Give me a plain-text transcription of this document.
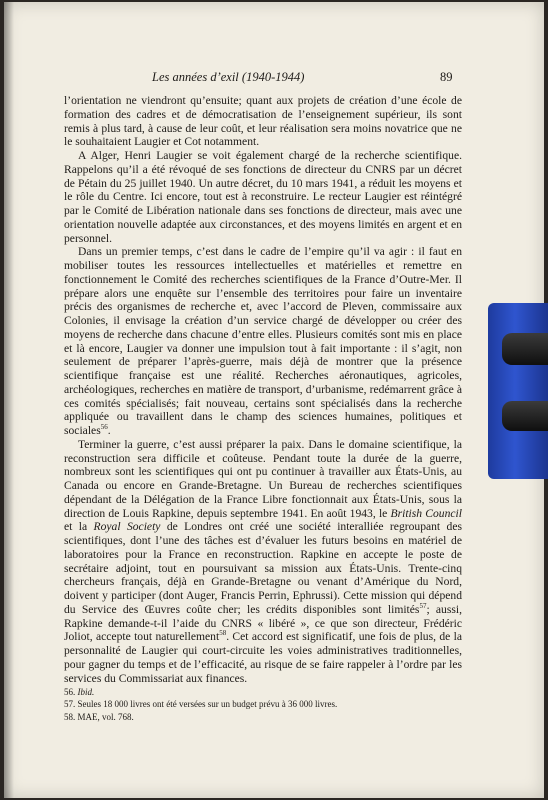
Les années d’exil (1940-1944)	89

l’orientation ne viendront qu’ensuite; quant aux projets de création d’une école de formation des cadres et de démocratisation de l’enseignement supérieur, ils sont remis à plus tard, à cause de leur coût, et leur réalisation sera moins novatrice que ne le souhaitaient Laugier et Cot notamment.

A Alger, Henri Laugier se voit également chargé de la recherche scientifique. Rappelons qu’il a été révoqué de ses fonctions de directeur du CNRS par un décret de Pétain du 25 juillet 1940. Un autre décret, du 10 mars 1941, a réduit les moyens et le rôle du Centre. Ici encore, tout est à reconstruire. Le recteur Laugier est réintégré par le Comité de Libération nationale dans ses fonctions de directeur, mais avec une orientation nouvelle adaptée aux circonstances, et des moyens limités en argent et en personnel.

Dans un premier temps, c’est dans le cadre de l’empire qu’il va agir : il faut en mobiliser toutes les ressources intellectuelles et matérielles et remettre en fonctionnement le Comité des recherches scientifiques de la France d’Outre-Mer. Il prépare alors une enquête sur l’ensemble des territoires pour faire un inventaire précis des organismes de recherche et, avec l’accord de Pleven, commissaire aux Colonies, il envisage la création d’un service chargé de développer ou créer des moyens de recherche dans chacune d’entre elles. Plusieurs comités sont mis en place et là encore, Laugier va donner une impulsion tout à fait importante : il s’agit, non seulement de préparer l’après-guerre, mais déjà de montrer que la présence scientifique française est une réalité. Recherches aéronautiques, agricoles, archéologiques, recherches en matière de transport, d’urbanisme, redémarrent grâce à ces comités spécialisés; fait nouveau, certains sont spécialisés dans la recherche appliquée ou travaillent dans le champ des sciences humaines, politiques et sociales$^{56}$.

Terminer la guerre, c’est aussi préparer la paix. Dans le domaine scientifique, la reconstruction sera difficile et coûteuse. Pendant toute la durée de la guerre, nombreux sont les scientifiques qui ont pu continuer à travailler aux États-Unis, au Canada ou encore en Grande-Bretagne. Un Bureau de recherches scientifiques dépendant de la Délégation de la France Libre fonctionnait aux États-Unis, sous la direction de Louis Rapkine, depuis septembre 1941. En août 1943, le British Council et la Royal Society de Londres ont créé une société interalliée regroupant des scientifiques, dont l’une des tâches est d’évaluer les futurs besoins en matériel de laboratoires pour la France en reconstruction. Rapkine en accepte le poste de secrétaire adjoint, tout en poursuivant sa mission aux États-Unis. Trente-cinq chercheurs français, déjà en Grande-Bretagne ou venant d’Amérique du Nord, doivent y participer (dont Auger, Francis Perrin, Ephrussi). Cette mission qui dépend du Service des Œuvres coûte cher; les crédits disponibles sont limités$^{57}$; aussi, Rapkine demande-t-il l’aide du CNRS « libéré », ce que son directeur, Frédéric Joliot, accepte tout naturellement$^{58}$. Cet accord est significatif, une fois de plus, de la personnalité de Laugier qui court-circuite les voies administratives traditionnelles, pour gagner du temps et de l’efficacité, au risque de se faire rappeler à l’ordre par les services du Commissariat aux finances.

56. Ibid.
57. Seules 18 000 livres ont été versées sur un budget prévu à 36 000 livres.
58. MAE, vol. 768.
